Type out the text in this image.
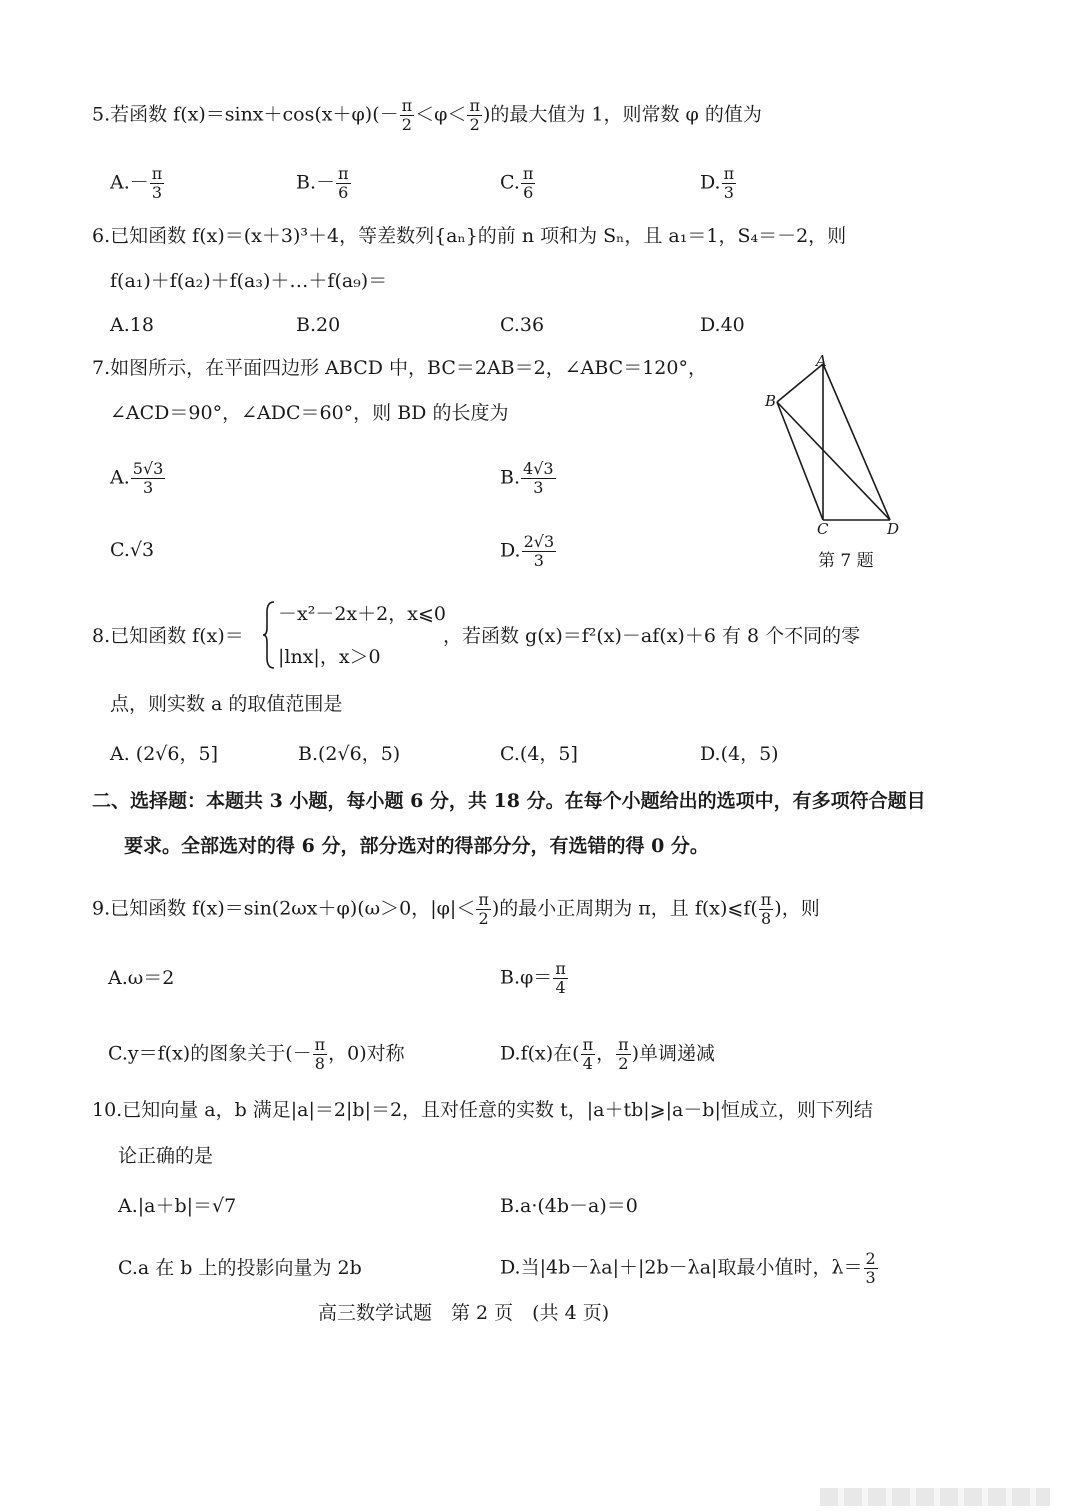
5.若函数 $f(x)=\sin x+\cos(x+\varphi)(- \frac{\pi}{2} <\varphi< \frac{\pi}{2}$ )的最大值为 1，则常数 φ 的值为
$A.- \frac{\pi}{3}$	$B.- \frac{\pi}{6}$	C. $\frac{\pi}{6}$	D. $\frac{\pi}{3}$
6.已知函数 f(x)＝(x＋3)³＋4，等差数列{aₙ}的前 n 项和为 Sₙ，且 a₁＝1，S₄＝－2，则
f(a₁)＋f(a₂)＋f(a₃)＋…＋f(a₉)＝
A.18	B.20	C.36	D.40
7.如图所示，在平面四边形 ABCD 中，BC＝2AB＝2，∠ABC＝120°，
∠ACD＝90°，∠ADC＝60°，则 BD 的长度为
A. $\frac{5√3}{3}$	B. $\frac{4√3}{3}$
C.√3	D. $\frac{2√3}{3}$
A
B
C	D
第 7 题
8.已知函数 f(x)＝
－x²－2x＋2，x⩽0
|lnx|，x＞0
，若函数 g(x)＝f²(x)－af(x)＋6 有 8 个不同的零
点，则实数 a 的取值范围是
A. (2√6，5]	B.(2√6，5)	C.(4，5]	D.(4，5)
二、选择题：本题共 3 小题，每小题 6 分，共 18 分。在每个小题给出的选项中，有多项符合题目
要求。全部选对的得 6 分，部分选对的得部分分，有选错的得 0 分。
9.已知函数 f(x)＝sin(2ωx＋φ)(ω＞0，$|\varphi|< \frac{\pi}{2}$ )的最小正周期为 π，且 f(x)⩽f( $\frac{\pi}{8}$ )，则
A.ω＝2	$B.\varphi= \frac{\pi}{4}$
C.y＝f(x)的图象关于(－ $\frac{\pi}{8}$ ，0)对称	D.f(x)在( $\frac{\pi}{4}$ ， $\frac{\pi}{2}$ )单调递减
10.已知向量 a，b 满足|a|＝2|b|＝2，且对任意的实数 t，|a＋tb|⩾|a－b|恒成立，则下列结
论正确的是
A.|a＋b|＝√7	B.a·(4b－a)＝0
C.a 在 b 上的投影向量为 2b	D.当|4b－λa|＋|2b－λa|取最小值时，$\lambda= \frac{2}{3}$
高三数学试题　第 2 页　(共 4 页)
